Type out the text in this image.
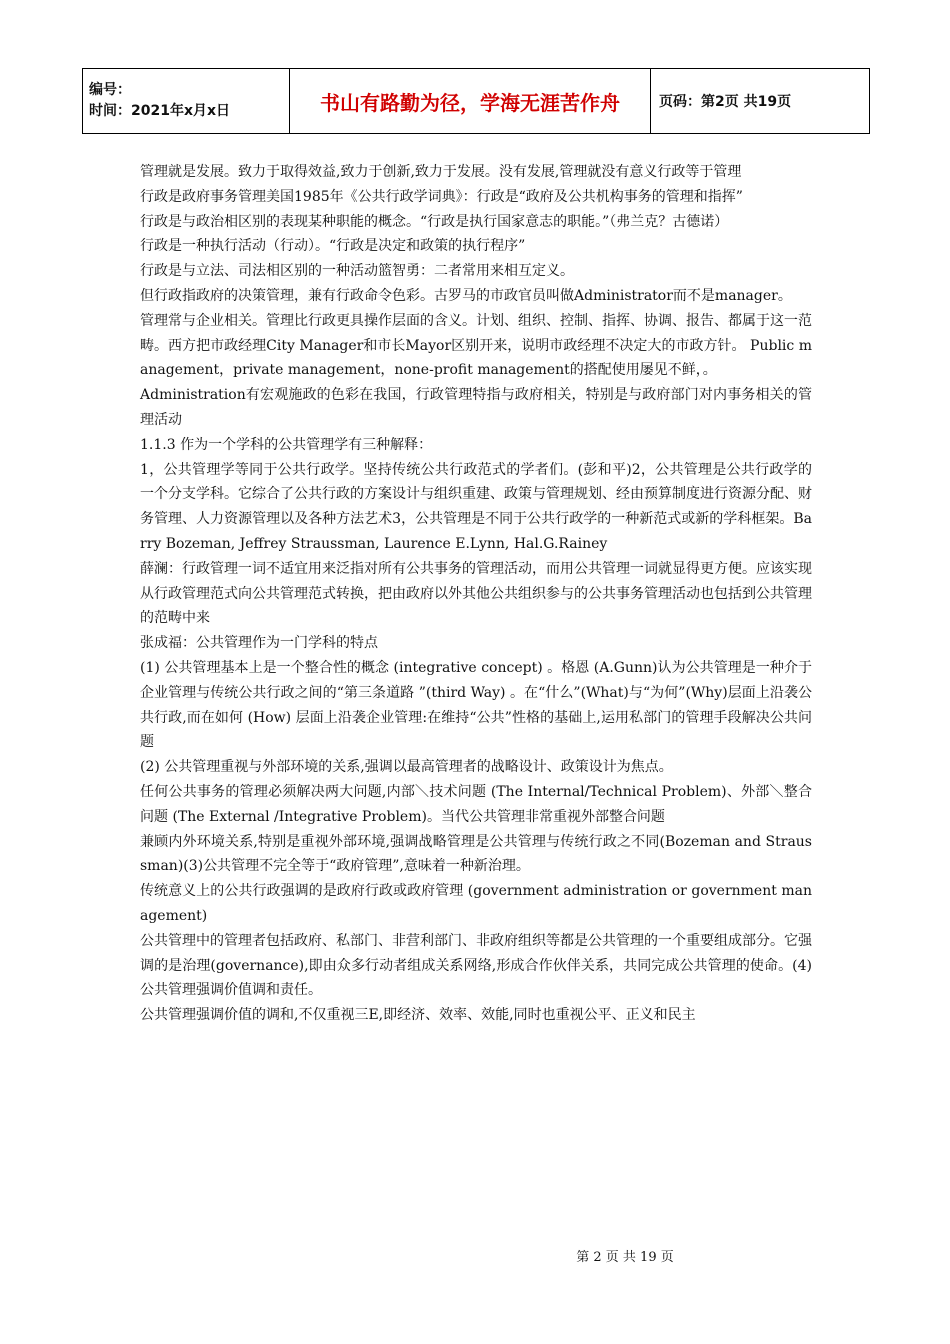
编号：
时间：2021年x月x日	书山有路勤为径，学海无涯苦作舟	页码：第2页 共19页

管理就是发展。致力于取得效益,致力于创新,致力于发展。没有发展,管理就没有意义行政等于管理

行政是政府事务管理美国1985年《公共行政学词典》：行政是“政府及公共机构事务的管理和指挥”

行政是与政治相区别的表现某种职能的概念。“行政是执行国家意志的职能。”（弗兰克？古德诺）

行政是一种执行活动（行动）。“行政是决定和政策的执行程序”

行政是与立法、司法相区别的一种活动篮智勇：二者常用来相互定义。

但行政指政府的决策管理，兼有行政命令色彩。古罗马的市政官员叫做Administrator而不是manager。

管理常与企业相关。管理比行政更具操作层面的含义。计划、组织、控制、指挥、协调、报告、都属于这一范畴。西方把市政经理City Manager和市长Mayor区别开来，说明市政经理不决定大的市政方针。 Public management，private management，none-profit management的搭配使用屡见不鲜，。

Administration有宏观施政的色彩在我国，行政管理特指与政府相关，特别是与政府部门对内事务相关的管理活动

1.1.3 作为一个学科的公共管理学有三种解释：

1，公共管理学等同于公共行政学。坚持传统公共行政范式的学者们。(彭和平)2，公共管理是公共行政学的一个分支学科。它综合了公共行政的方案设计与组织重建、政策与管理规划、经由预算制度进行资源分配、财务管理、人力资源管理以及各种方法艺术3，公共管理是不同于公共行政学的一种新范式或新的学科框架。Barry Bozeman, Jeffrey Straussman, Laurence E.Lynn, Hal.G.Rainey

薛澜：行政管理一词不适宜用来泛指对所有公共事务的管理活动，而用公共管理一词就显得更方便。应该实现从行政管理范式向公共管理范式转换，把由政府以外其他公共组织参与的公共事务管理活动也包括到公共管理的范畴中来

张成福：公共管理作为一门学科的特点

(1) 公共管理基本上是一个整合性的概念 (integrative concept) 。格恩 (A.Gunn)认为公共管理是一种介于企业管理与传统公共行政之间的“第三条道路 ”(third Way) 。在“什么”(What)与“为何”(Why)层面上沿袭公共行政,而在如何 (How) 层面上沿袭企业管理:在维持“公共”性格的基础上,运用私部门的管理手段解决公共问题

(2) 公共管理重视与外部环境的关系,强调以最高管理者的战略设计、政策设计为焦点。

任何公共事务的管理必须解决两大问题,内部＼技术问题 (The Internal/Technical Problem)、外部＼整合问题 (The External /Integrative Problem)。当代公共管理非常重视外部整合问题

兼顾内外环境关系,特别是重视外部环境,强调战略管理是公共管理与传统行政之不同(Bozeman and Straussman)(3)公共管理不完全等于“政府管理”,意味着一种新治理。

传统意义上的公共行政强调的是政府行政或政府管理 (government administration or government management)

公共管理中的管理者包括政府、私部门、非营利部门、非政府组织等都是公共管理的一个重要组成部分。它强调的是治理(governance),即由众多行动者组成关系网络,形成合作伙伴关系，共同完成公共管理的使命。(4) 公共管理强调价值调和责任。

公共管理强调价值的调和,不仅重视三E,即经济、效率、效能,同时也重视公平、正义和民主

第 2 页 共 19 页
